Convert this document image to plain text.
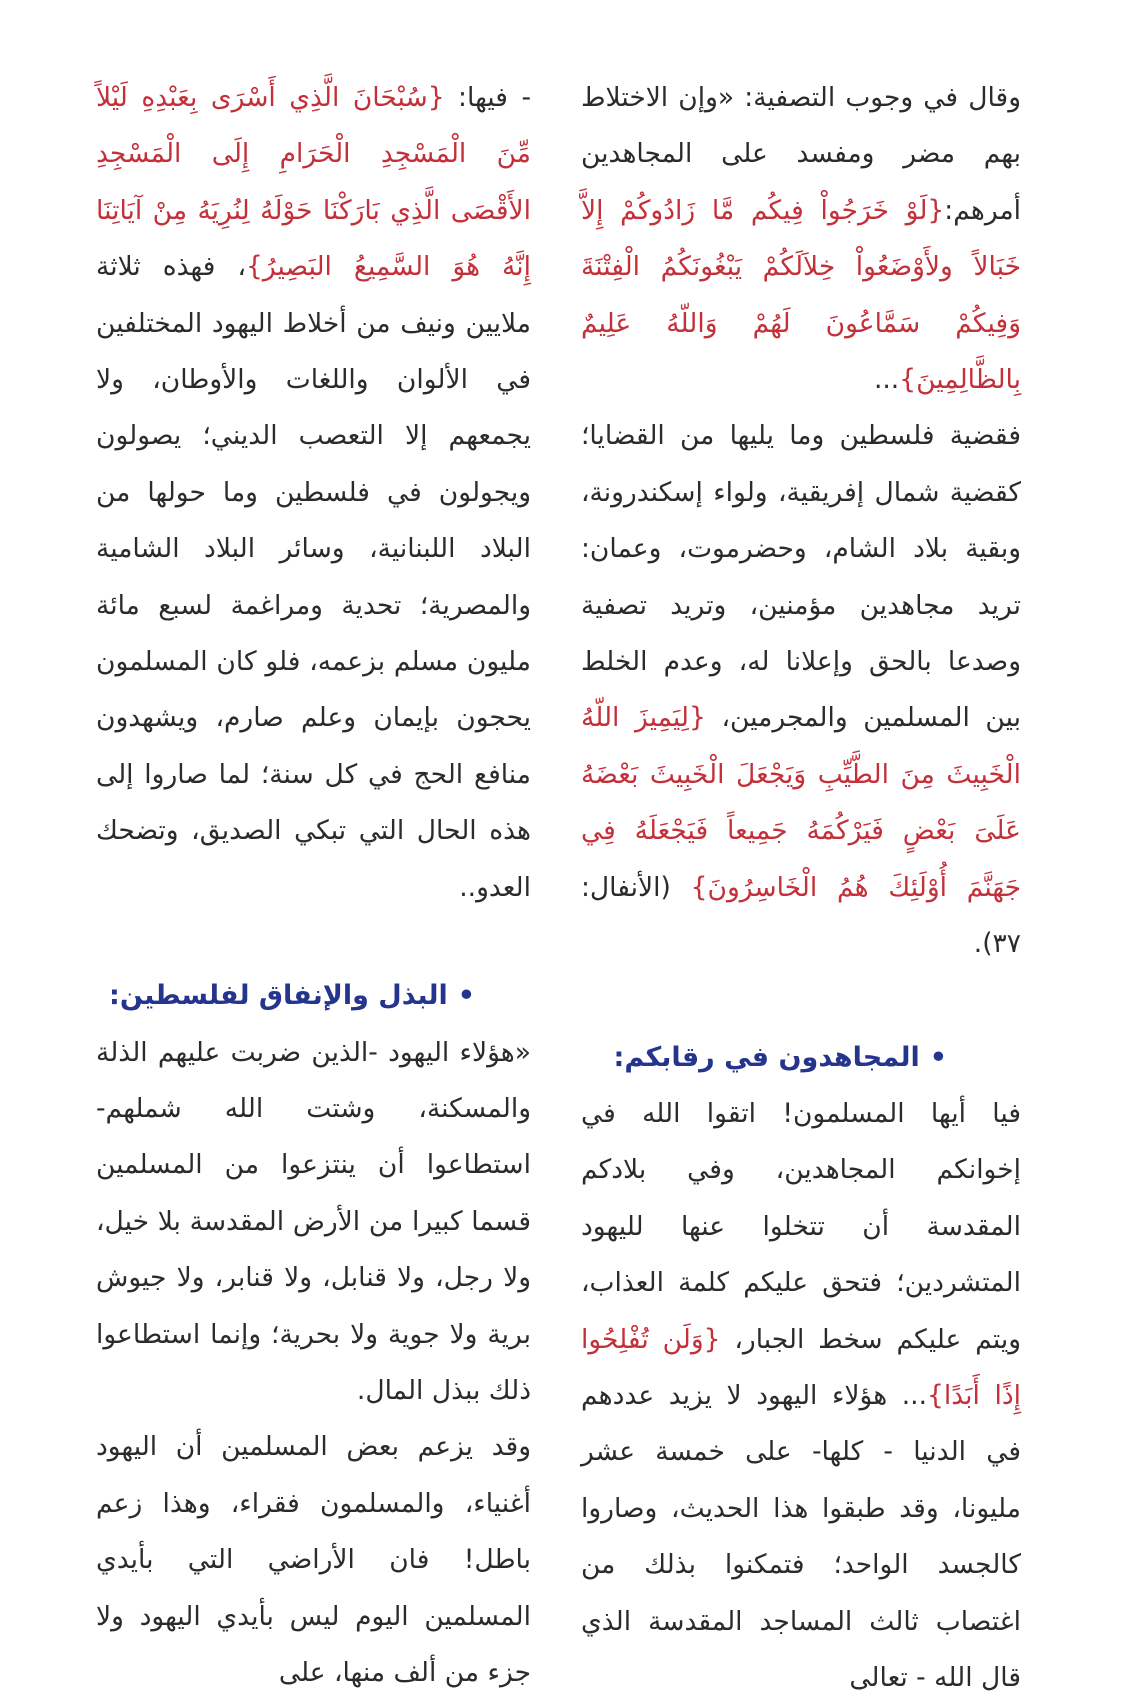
وقال في وجوب التصفية: «وإن الاختلاط بهم مضر ومفسد على المجاهدين أمرهم:{لَوْ خَرَجُواْ فِيكُم مَّا زَادُوكُمْ إِلاَّ خَبَالاً ولأَوْضَعُواْ خِلاَلَكُمْ يَبْغُونَكُمُ الْفِتْنَةَ وَفِيكُمْ سَمَّاعُونَ لَهُمْ وَاللّهُ عَلِيمٌ بِالظَّالِمِينَ}...

فقضية فلسطين وما يليها من القضايا؛ كقضية شمال إفريقية، ولواء إسكندرونة، وبقية بلاد الشام، وحضرموت، وعمان: تريد مجاهدين مؤمنين، وتريد تصفية وصدعا بالحق وإعلانا له، وعدم الخلط بين المسلمين والمجرمين، {لِيَمِيزَ اللّهُ الْخَبِيثَ مِنَ الطَّيِّبِ وَيَجْعَلَ الْخَبِيثَ بَعْضَهُ عَلَىَ بَعْضٍ فَيَرْكُمَهُ جَمِيعاً فَيَجْعَلَهُ فِي جَهَنَّمَ أُوْلَئِكَ هُمُ الْخَاسِرُونَ} (الأنفال: ٣٧).

•المجاهدون في رقابكم:

فيا أيها المسلمون! اتقوا الله في إخوانكم المجاهدين، وفي بلادكم المقدسة أن تتخلوا عنها لليهود المتشردين؛ فتحق عليكم كلمة العذاب، ويتم عليكم سخط الجبار، {وَلَن تُفْلِحُوا إِذًا أَبَدًا}... هؤلاء اليهود لا يزيد عددهم في الدنيا - كلها- على خمسة عشر مليونا، وقد طبقوا هذا الحديث، وصاروا كالجسد الواحد؛ فتمكنوا بذلك من اغتصاب ثالث المساجد المقدسة الذي قال الله - تعالى

- فيها: {سُبْحَانَ الَّذِي أَسْرَى بِعَبْدِهِ لَيْلاً مِّنَ الْمَسْجِدِ الْحَرَامِ إِلَى الْمَسْجِدِ الأَقْصَى الَّذِي بَارَكْنَا حَوْلَهُ لِنُرِيَهُ مِنْ آيَاتِنَا إِنَّهُ هُوَ السَّمِيعُ البَصِيرُ}، فهذه ثلاثة ملايين ونيف من أخلاط اليهود المختلفين في الألوان واللغات والأوطان، ولا يجمعهم إلا التعصب الديني؛ يصولون ويجولون في فلسطين وما حولها من البلاد اللبنانية، وسائر البلاد الشامية والمصرية؛ تحدية ومراغمة لسبع مائة مليون مسلم بزعمه، فلو كان المسلمون يحجون بإيمان وعلم صارم، ويشهدون منافع الحج في كل سنة؛ لما صاروا إلى هذه الحال التي تبكي الصديق، وتضحك العدو..

•البذل والإنفاق لفلسطين:

«هؤلاء اليهود -الذين ضربت عليهم الذلة والمسكنة، وشتت الله شملهم- استطاعوا أن ينتزعوا من المسلمين قسما كبيرا من الأرض المقدسة بلا خيل، ولا رجل، ولا قنابل، ولا قنابر، ولا جيوش برية ولا جوية ولا بحرية؛ وإنما استطاعوا ذلك ببذل المال.

وقد يزعم بعض المسلمين أن اليهود أغنياء، والمسلمون فقراء، وهذا زعم باطل! فان الأراضي التي بأيدي المسلمين اليوم ليس بأيدي اليهود ولا جزء من ألف منها، على
